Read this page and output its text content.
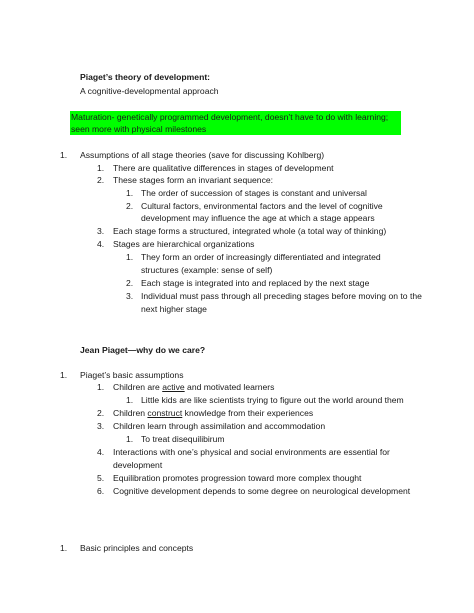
Piaget’s theory of development:
A cognitive-developmental approach
Maturation- genetically programmed development, doesn’t have to do with learning; seen more with physical milestones
1. Assumptions of all stage theories (save for discussing Kohlberg)
1. There are qualitative differences in stages of development
2. These stages form an invariant sequence:
1. The order of succession of stages is constant and universal
2. Cultural factors, environmental factors and the level of cognitive
development may influence the age at which a stage appears
3. Each stage forms a structured, integrated whole (a total way of thinking)
4. Stages are hierarchical organizations
1. They form an order of increasingly differentiated and integrated
structures (example: sense of self)
2. Each stage is integrated into and replaced by the next stage
3. Individual must pass through all preceding stages before moving on to the
next higher stage
Jean Piaget—why do we care?
1. Piaget’s basic assumptions
1. Children are active and motivated learners
1. Little kids are like scientists trying to figure out the world around them
2. Children construct knowledge from their experiences
3. Children learn through assimilation and accommodation
1. To treat disequilibirum
4. Interactions with one’s physical and social environments are essential for
development
5. Equilibration promotes progression toward more complex thought
6. Cognitive development depends to some degree on neurological development
1. Basic principles and concepts
